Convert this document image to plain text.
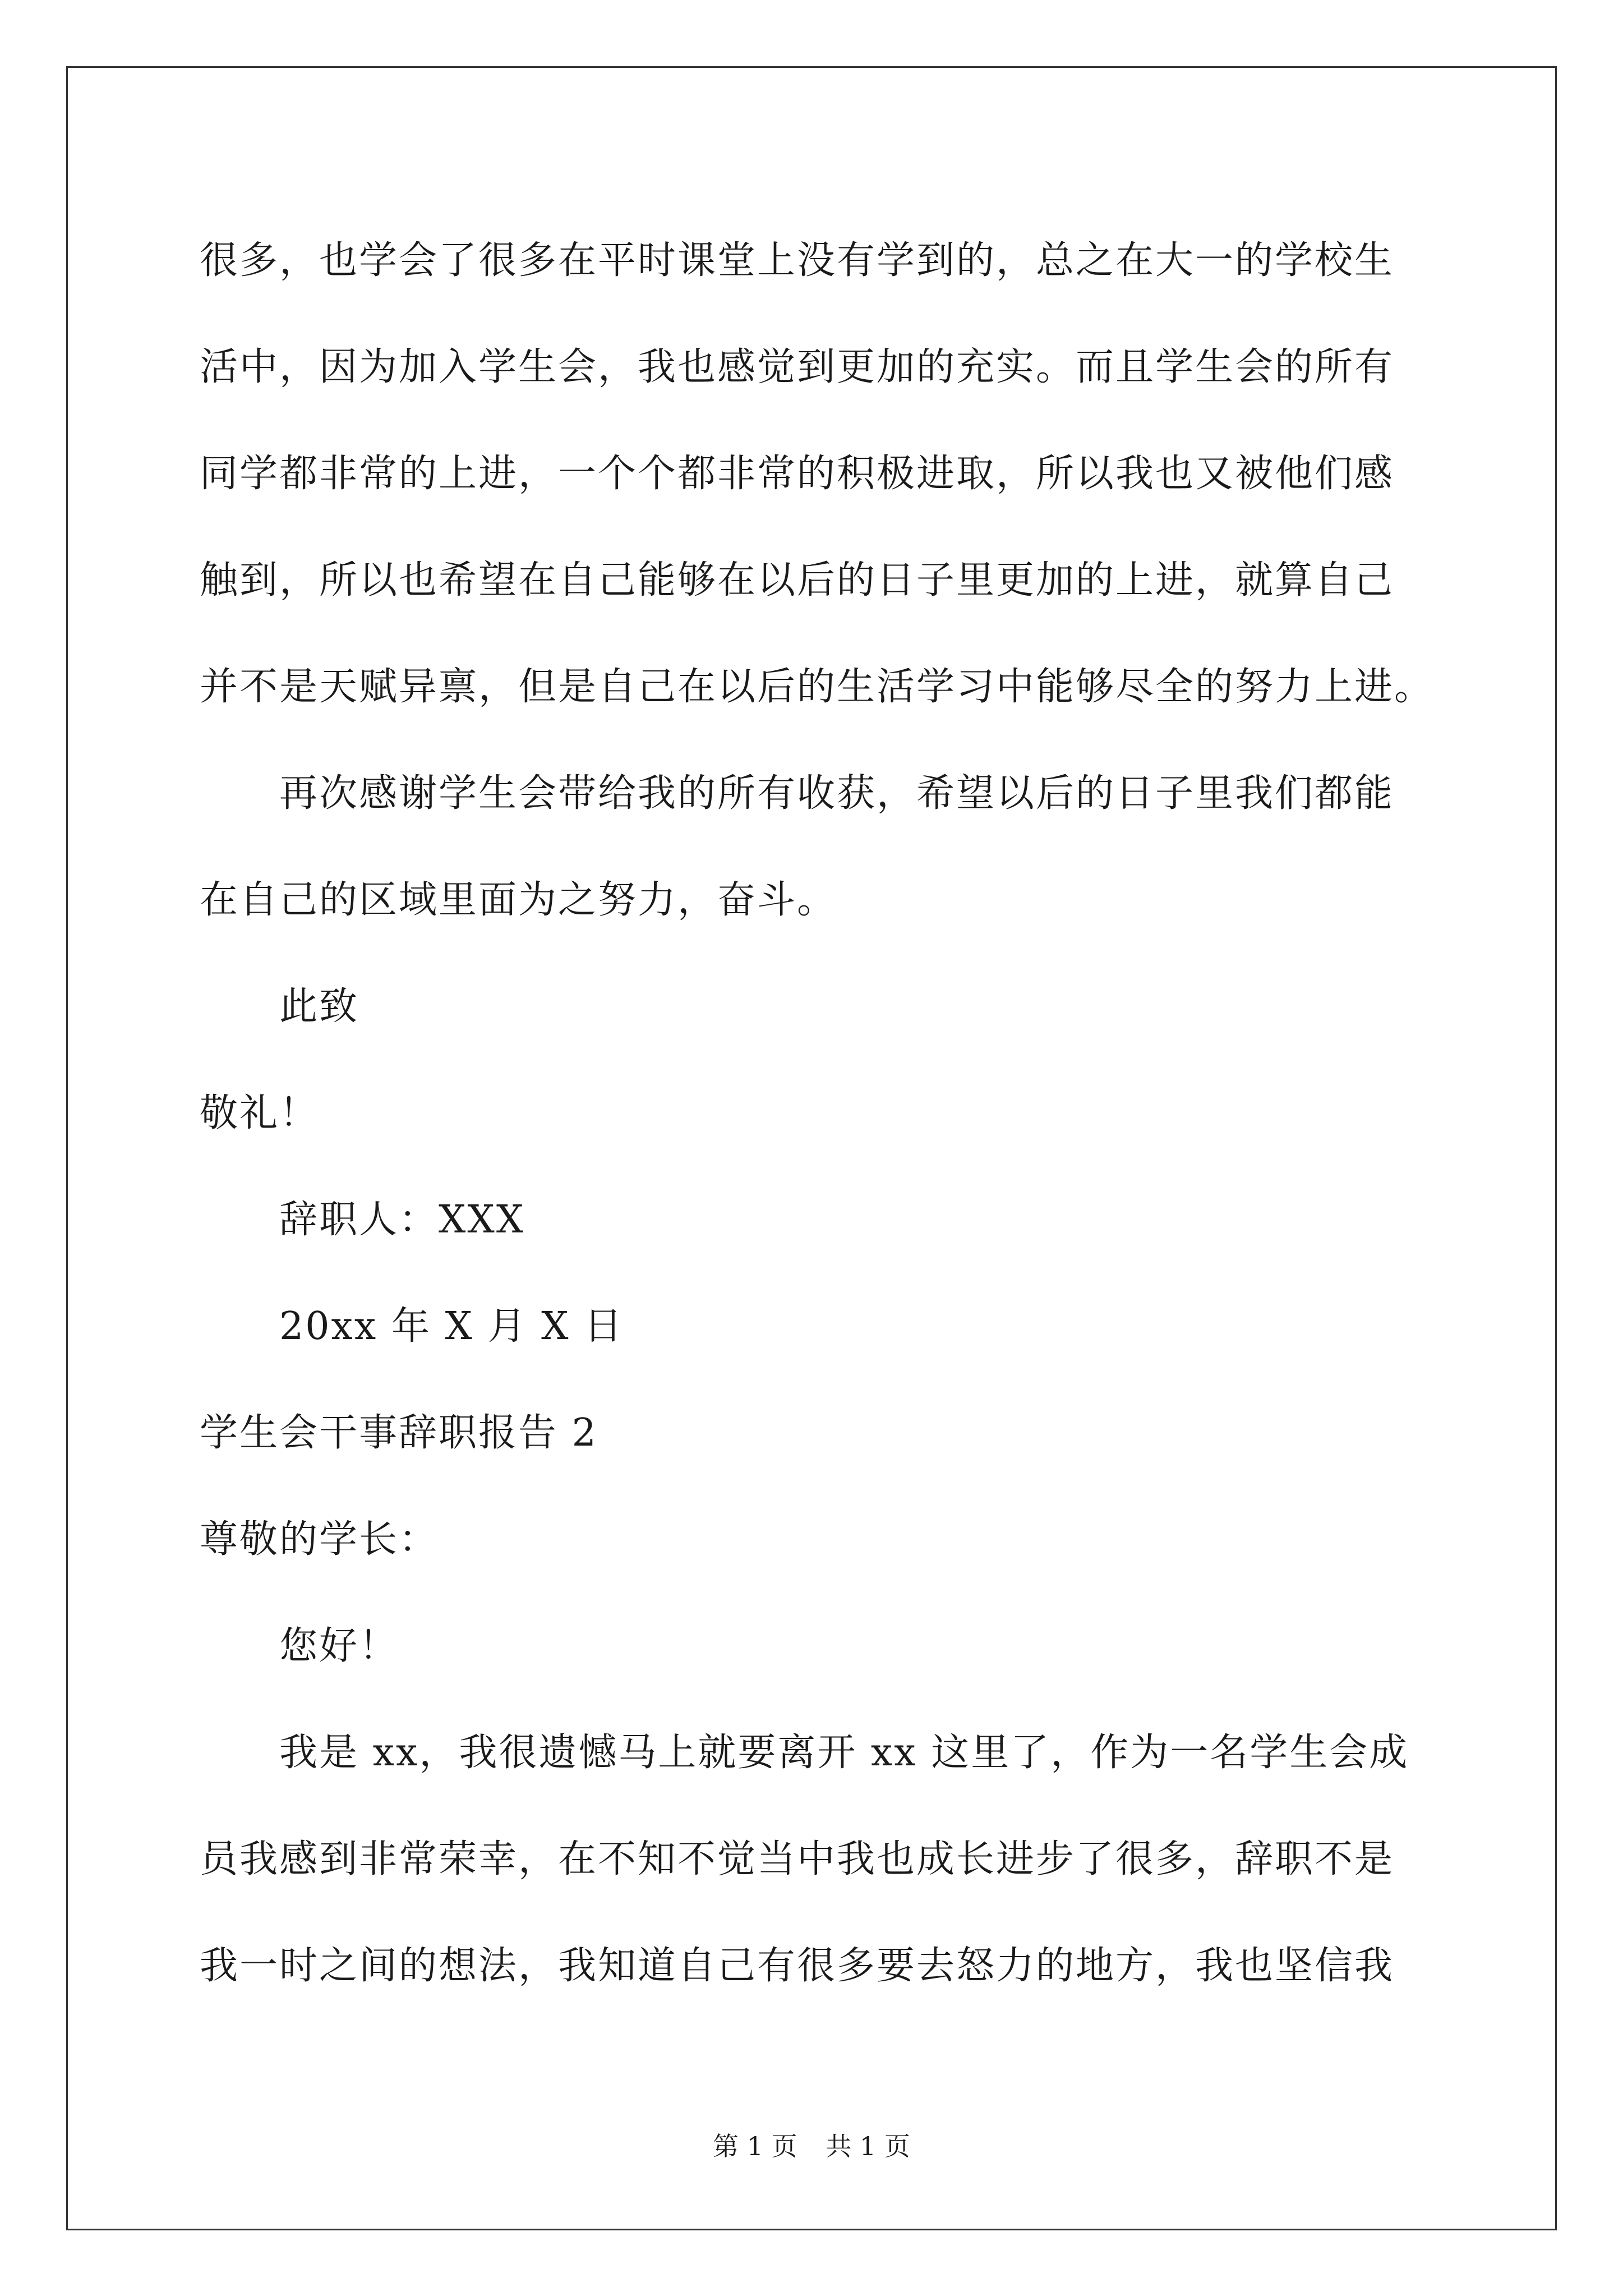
很多，也学会了很多在平时课堂上没有学到的，总之在大一的学校生
活中，因为加入学生会，我也感觉到更加的充实。而且学生会的所有
同学都非常的上进，一个个都非常的积极进取，所以我也又被他们感
触到，所以也希望在自己能够在以后的日子里更加的上进，就算自己
并不是天赋异禀，但是自己在以后的生活学习中能够尽全的努力上进。
再次感谢学生会带给我的所有收获，希望以后的日子里我们都能
在自己的区域里面为之努力，奋斗。
此致
敬礼！
辞职人：XXX
20xx 年 X 月 X 日
学生会干事辞职报告 2
尊敬的学长：
您好！
我是 xx，我很遗憾马上就要离开 xx 这里了，作为一名学生会成
员我感到非常荣幸，在不知不觉当中我也成长进步了很多，辞职不是
我一时之间的想法，我知道自己有很多要去怒力的地方，我也坚信我
第 1 页 共 1 页
